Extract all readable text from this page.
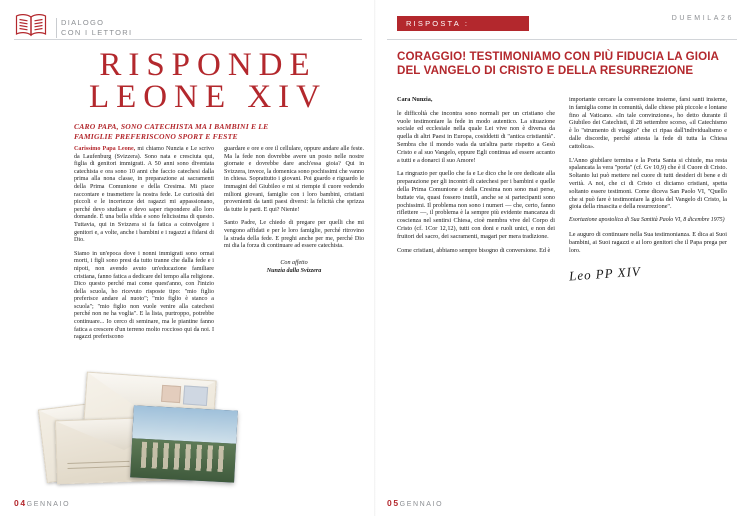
DIALOGO
CON I LETTORI
RISPONDE
LEONE XIV
CARO PAPA, SONO CATECHISTA MA I BAMBINI E LE FAMIGLIE PREFERISCONO SPORT E FESTE

Carissimo Papa Leone, mi chiamo Nunzia e Le scrivo da Laufenburg (Svizzera). Sono nata e cresciuta qui, figlia di genitori immigrati. A 50 anni sono diventata catechista e ora sono 10 anni che faccio catechesi dalla prima alla nona classe, in preparazione ai sacramenti della Prima Comunione e della Cresima. Mi piace raccontare e trasmettere la nostra fede. Le curiosità dei piccoli e le incertezze dei ragazzi mi appassionano, perché devo studiare e devo saper rispondere allo loro domande. È una bella sfida e sono felicissima di questo. Tuttavia, qui in Svizzera si fa fatica a coinvolgere i genitori e, a volte, anche i bambini e i ragazzi a fidarsi di Dio.

Siamo in un'epoca dove i nonni immigrati sono ormai morti, i figli sono presi da tutto tranne che dalla fede e i nipoti, non avendo avuto un'educazione familiare cristiana, fanno fatica a dedicare del tempo alla religione. Dico questo perché mai come quest'anno, con l'inizio della scuola, ho ricevuto risposte tipo: "mio figlio preferisce andare al nuoto"; "mio figlio è stanco a scuola"; "mio figlio non vuole venire alla catechesi perché non ne ha voglia". E la lista, purtroppo, potrebbe continuare... Io cerco di seminare, ma le piantine fanno fatica a crescere d'un terreno molto roccioso qui da noi. I ragazzi preferiscono

guardare e ore e ore il cellulare, oppure andare alle feste. Ma la fede non dovrebbe avere un posto nelle nostre giornate e dovrebbe dare anch'essa gioia? Qui in Svizzera, invece, la domenica sono pochissimi che vanno in chiesa. Soprattutto i giovani. Poi guardo e riguardo le immagini del Giubileo e mi si riempie il cuore vedendo milioni giovani, famiglie con i loro bambini, cristiani provenienti da tanti paesi diversi: la felicità che sprizza da tutte le parti. E qui? Niente!

Santo Padre, Le chiedo di pregare per quelli che mi vengono affidati e per le loro famiglie, perché ritrovino la strada della fede. E preghi anche per me, perché Dio mi dia la forza di continuare ad essere catechista.

Con affetto
Nunzia dalla Svizzera
04GENNAIO
RISPOSTA :
DUEMILA26
CORAGGIO! TESTIMONIAMO CON PIÙ FIDUCIA LA GIOIA DEL VANGELO DI CRISTO E DELLA RESURREZIONE

Cara Nunzia,

le difficoltà che incontra sono normali per un cristiano che vuole testimoniare la fede in modo autentico. La situazione sociale ed ecclesiale nella quale Lei vive non è diversa da quella di altri Paesi in Europa, cosiddetti di "antica cristianità". Sembra che il mondo vada da un'altra parte rispetto a Gesù Cristo e al suo Vangelo, eppure Egli continua ad essere accanto a tutti e a donarci il suo Amore!

La ringrazio per quello che fa e Le dico che le ore dedicate alla preparazione per gli incontri di catechesi per i bambini e quelle della Prima Comunione e della Cresima non sono mai perse, buttate via, quasi fossero inutili, anche se si partecipanti sono pochissimi. Il problema non sono i numeri — che, certo, fanno riflettere —, il problema è la sempre più evidente mancanza di coscienza nel sentirsi Chiesa, cioè membra vive del Corpo di Cristo (cf. 1Cor 12,12), tutti con doni e ruoli unici, e non dei fruitori del sacro, dei sacramenti, magari per mera tradizione.

Come cristiani, abbiamo sempre bisogno di conversione. Ed è

importante cercare la conversione insieme, farsi santi insieme, in famiglia come in comunità, dalle chiese più piccole e lontane fino al Vaticano. «In tale convinzione», ho detto durante il Giubileo dei Catechisti, il 28 settembre scorso, «il Catechismo è lo "strumento di viaggio" che ci ripaa dall'individualismo e dalle discordie, perché attesta la fede di tutta la Chiesa cattolica».

L'Anno giubilare termina e la Porta Santa si chiude, ma resta spalancata la vera "porta" (cf. Gv 10,9) che è il Cuore di Cristo. Soltanto lui può mettere nel cuore di tutti desideri di bene e di verità. A noi, che ci di Cristo ci diciamo cristiani, spetta soltanto essere testimoni. Come diceva San Paolo VI, "Quello che si può fare è testimoniare la gioia del Vangelo di Cristo, la gioia della rinascita e della resurrezione".

Esortazione apostolica di Sua Santità Paolo VI, 8 dicembre 1975)

Le auguro di continuare nella Sua testimonianza. E dica ai Suoi bambini, ai Suoi ragazzi e ai loro genitori che il Papa prega per loro.

Leo PP XIV
05GENNAIO
